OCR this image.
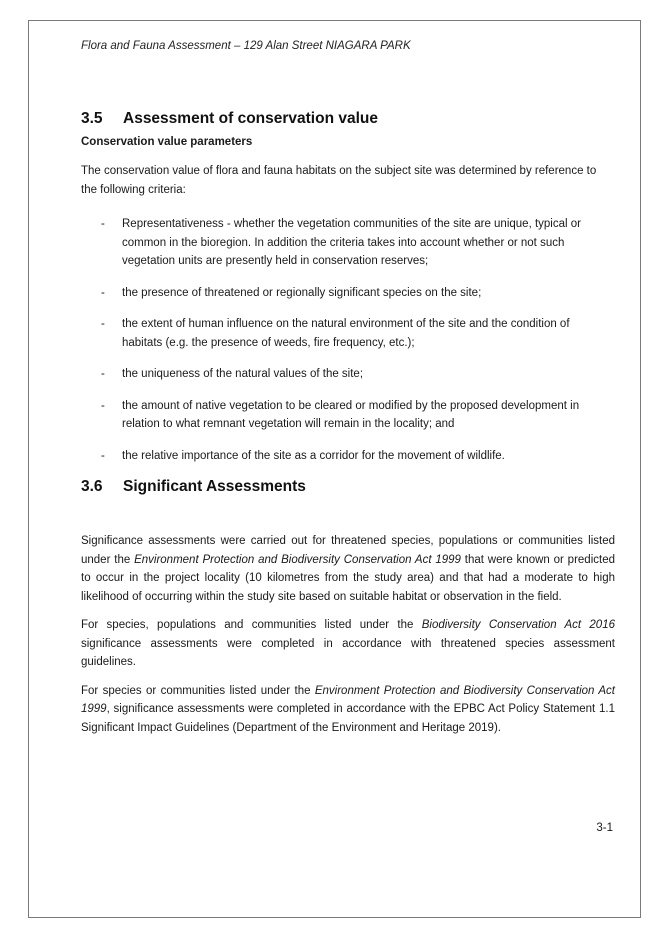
Flora and Fauna Assessment – 129 Alan Street NIAGARA PARK
3.5	Assessment of conservation value
Conservation value parameters

The conservation value of flora and fauna habitats on the subject site was determined by reference to the following criteria:

-	Representativeness - whether the vegetation communities of the site are unique, typical or common in the bioregion. In addition the criteria takes into account whether or not such vegetation units are presently held in conservation reserves;
-	the presence of threatened or regionally significant species on the site;
-	the extent of human influence on the natural environment of the site and the condition of habitats (e.g. the presence of weeds, fire frequency, etc.);
-	the uniqueness of the natural values of the site;
-	the amount of native vegetation to be cleared or modified by the proposed development in relation to what remnant vegetation will remain in the locality; and
-	the relative importance of the site as a corridor for the movement of wildlife.
3.6	Significant Assessments

Significance assessments were carried out for threatened species, populations or communities listed under the Environment Protection and Biodiversity Conservation Act 1999 that were known or predicted to occur in the project locality (10 kilometres from the study area) and that had a moderate to high likelihood of occurring within the study site based on suitable habitat or observation in the field.

For species, populations and communities listed under the Biodiversity Conservation Act 2016 significance assessments were completed in accordance with threatened species assessment guidelines.

For species or communities listed under the Environment Protection and Biodiversity Conservation Act 1999, significance assessments were completed in accordance with the EPBC Act Policy Statement 1.1 Significant Impact Guidelines (Department of the Environment and Heritage 2019).

3-1
